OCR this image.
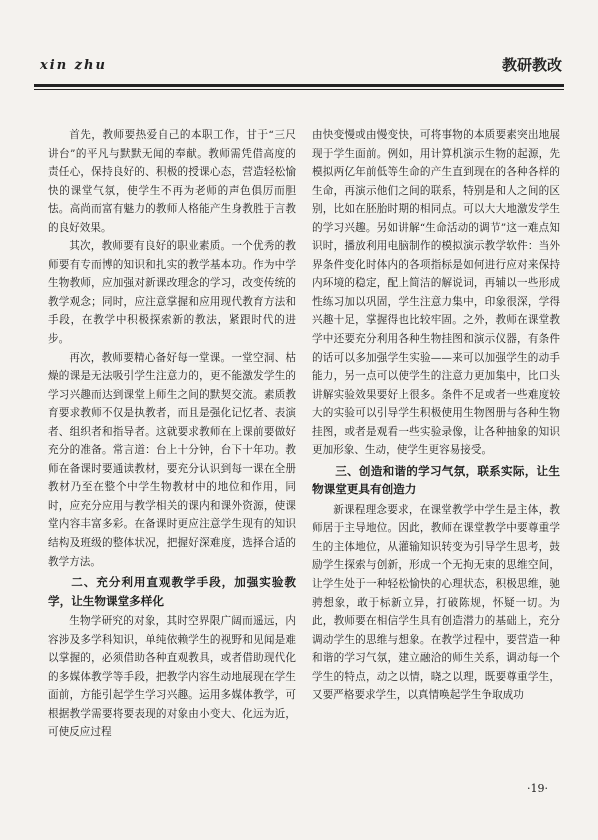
xin zhu	教研教改

首先，教师要热爱自己的本职工作，甘于“三尺讲台”的平凡与默默无闻的奉献。教师需凭借高度的责任心，保持良好的、积极的授课心态，营造轻松愉快的课堂气氛，使学生不再为老师的声色俱厉而胆怯。高尚而富有魅力的教师人格能产生身教胜于言教的良好效果。

其次，教师要有良好的职业素质。一个优秀的教师要有专而博的知识和扎实的教学基本功。作为中学生物教师，应加强对新课改理念的学习，改变传统的教学观念；同时，应注意掌握和应用现代教育方法和手段，在教学中积极探索新的教法，紧跟时代的进步。

再次，教师要精心备好每一堂课。一堂空洞、枯燥的课是无法吸引学生注意力的，更不能激发学生的学习兴趣而达到课堂上师生之间的默契交流。素质教育要求教师不仅是执教者，而且是强化记忆者、表演者、组织者和指导者。这就要求教师在上课前要做好充分的准备。常言道：台上十分钟，台下十年功。教师在备课时要通读教材，要充分认识到每一课在全册教材乃至在整个中学生物教材中的地位和作用，同时，应充分应用与教学相关的课内和课外资源，使课堂内容丰富多彩。在备课时更应注意学生现有的知识结构及班级的整体状况，把握好深难度，选择合适的教学方法。

二、充分利用直观教学手段，加强实验教学，让生物课堂多样化

生物学研究的对象，其时空界限广阔而遥远，内容涉及多学科知识，单纯依赖学生的视野和见闻是难以掌握的，必须借助各种直观教具，或者借助现代化的多媒体教学等手段，把教学内容生动地展现在学生面前，方能引起学生学习兴趣。运用多媒体教学，可根据教学需要将要表现的对象由小变大、化远为近，可使反应过程

由快变慢或由慢变快，可将事物的本质要素突出地展现于学生面前。例如，用计算机演示生物的起源，先模拟两亿年前低等生命的产生直到现在的各种各样的生命，再演示他们之间的联系，特别是和人之间的区别，比如在胚胎时期的相同点。可以大大地激发学生的学习兴趣。另如讲解“生命活动的调节”这一难点知识时，播放利用电脑制作的模拟演示教学软件：当外界条件变化时体内的各项指标是如何进行应对来保持内环境的稳定，配上简洁的解说词，再辅以一些形成性练习加以巩固，学生注意力集中，印象很深，学得兴趣十足，掌握得也比较牢固。之外，教师在课堂教学中还要充分利用各种生物挂图和演示仪器，有条件的话可以多加强学生实验——来可以加强学生的动手能力，另一点可以使学生的注意力更加集中，比口头讲解实验效果要好上很多。条件不足或者一些难度较大的实验可以引导学生积极使用生物图册与各种生物挂图，或者是观看一些实验录像，让各种抽象的知识更加形象、生动，使学生更容易接受。

三、创造和谐的学习气氛，联系实际，让生物课堂更具有创造力

新课程理念要求，在课堂教学中学生是主体，教师居于主导地位。因此，教师在课堂教学中要尊重学生的主体地位，从灌输知识转变为引导学生思考，鼓励学生探索与创新，形成一个无拘无束的思维空间，让学生处于一种轻松愉快的心理状态，积极思维，驰骋想象，敢于标新立异，打破陈规，怀疑一切。为此，教师要在相信学生具有创造潜力的基础上，充分调动学生的思维与想象。在教学过程中，要营造一种和谐的学习气氛，建立融洽的师生关系，调动每一个学生的特点，动之以情，晓之以理，既要尊重学生，又要严格要求学生，以真情唤起学生争取成功

·19·
